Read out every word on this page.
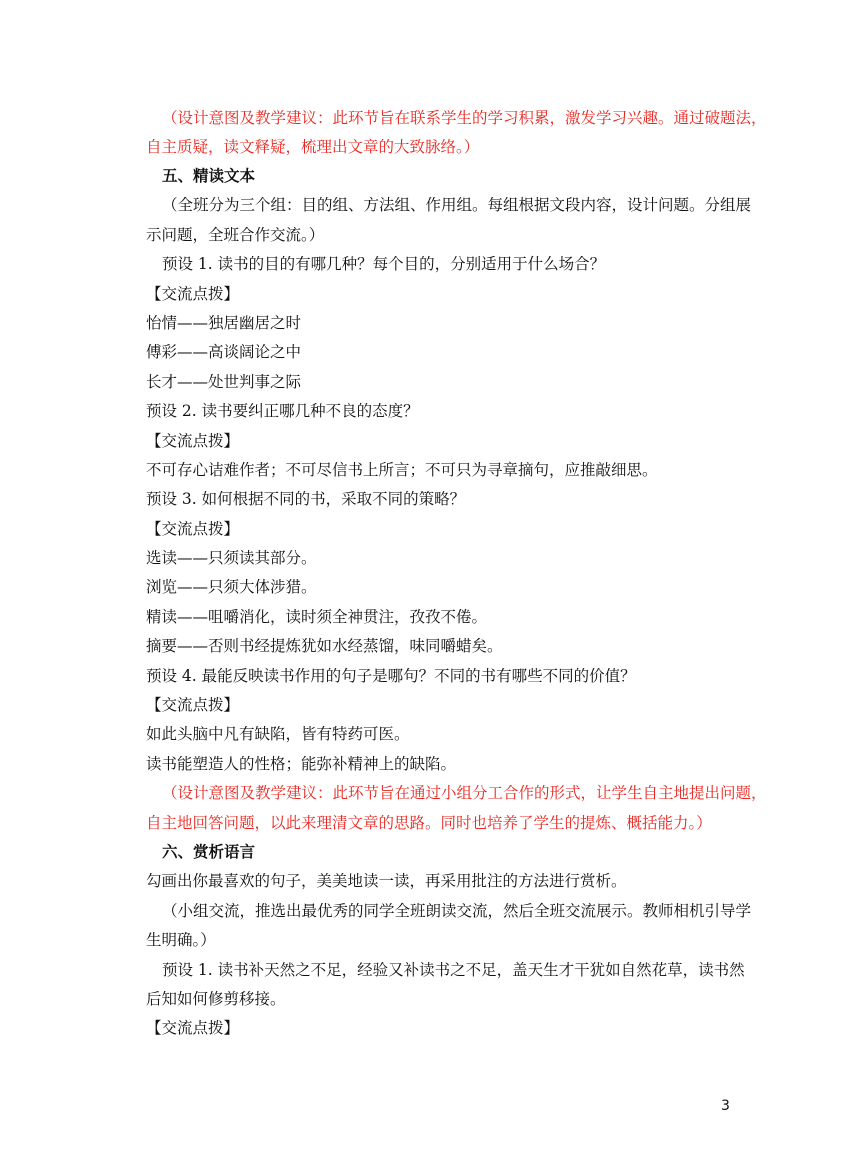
（设计意图及教学建议：此环节旨在联系学生的学习积累，激发学习兴趣。通过破题法，
自主质疑，读文释疑，梳理出文章的大致脉络。）
五、精读文本
（全班分为三个组：目的组、方法组、作用组。每组根据文段内容，设计问题。分组展
示问题，全班合作交流。）
预设 1. 读书的目的有哪几种？每个目的，分别适用于什么场合？
【交流点拨】
怡情——独居幽居之时
傅彩——高谈阔论之中
长才——处世判事之际
预设 2. 读书要纠正哪几种不良的态度？
【交流点拨】
不可存心诘难作者；不可尽信书上所言；不可只为寻章摘句，应推敲细思。
预设 3. 如何根据不同的书，采取不同的策略？
【交流点拨】
选读——只须读其部分。
浏览——只须大体涉猎。
精读——咀嚼消化，读时须全神贯注，孜孜不倦。
摘要——否则书经提炼犹如水经蒸馏，味同嚼蜡矣。
预设 4. 最能反映读书作用的句子是哪句？不同的书有哪些不同的价值？
【交流点拨】
如此头脑中凡有缺陷，皆有特药可医。
读书能塑造人的性格；能弥补精神上的缺陷。
（设计意图及教学建议：此环节旨在通过小组分工合作的形式，让学生自主地提出问题，
自主地回答问题，以此来理清文章的思路。同时也培养了学生的提炼、概括能力。）
六、赏析语言
勾画出你最喜欢的句子，美美地读一读，再采用批注的方法进行赏析。
（小组交流，推选出最优秀的同学全班朗读交流，然后全班交流展示。教师相机引导学
生明确。）
预设 1. 读书补天然之不足，经验又补读书之不足，盖天生才干犹如自然花草，读书然
后知如何修剪移接。
【交流点拨】
3
